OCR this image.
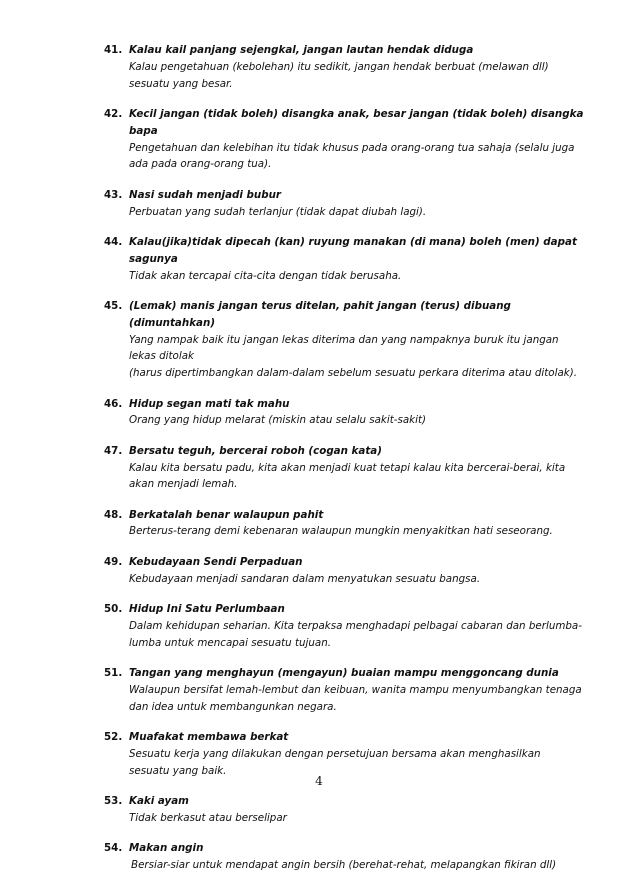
41. Kalau kail panjang sejengkal, jangan lautan hendak diduga
Kalau pengetahuan (kebolehan) itu sedikit, jangan hendak berbuat (melawan dll) sesuatu yang besar.
42. Kecil jangan (tidak boleh) disangka anak, besar jangan (tidak boleh) disangka bapa
Pengetahuan dan kelebihan itu tidak khusus pada orang-orang tua sahaja (selalu juga ada pada orang-orang tua).
43. Nasi sudah menjadi bubur
Perbuatan yang sudah terlanjur (tidak dapat diubah lagi).
44. Kalau(jika)tidak dipecah (kan) ruyung manakan (di mana) boleh (men) dapat sagunya
Tidak akan tercapai cita-cita dengan tidak berusaha.
45. (Lemak) manis jangan terus ditelan, pahit jangan (terus) dibuang (dimuntahkan)
Yang nampak baik itu jangan lekas diterima dan yang nampaknya buruk itu jangan lekas ditolak
(harus dipertimbangkan dalam-dalam sebelum sesuatu perkara diterima atau ditolak).
46. Hidup segan mati tak mahu
Orang yang hidup melarat (miskin atau selalu sakit-sakit)
47. Bersatu teguh, bercerai roboh (cogan kata)
Kalau kita bersatu padu, kita akan menjadi kuat tetapi kalau kita bercerai-berai, kita akan menjadi lemah.
48. Berkatalah benar walaupun pahit
Berterus-terang demi kebenaran walaupun mungkin menyakitkan hati seseorang.
49. Kebudayaan Sendi Perpaduan
Kebudayaan menjadi sandaran dalam menyatukan sesuatu bangsa.
50. Hidup Ini Satu Perlumbaan
Dalam kehidupan seharian. Kita terpaksa menghadapi pelbagai cabaran dan berlumba-lumba untuk mencapai sesuatu tujuan.
51. Tangan yang menghayun (mengayun) buaian mampu menggoncang dunia
Walaupun bersifat lemah-lembut dan keibuan, wanita mampu menyumbangkan tenaga dan idea untuk membangunkan negara.
52. Muafakat membawa berkat
Sesuatu kerja yang dilakukan dengan persetujuan bersama akan menghasilkan sesuatu yang baik.
53. Kaki ayam
Tidak berkasut atau berselipar
54. Makan angin
Bersiar-siar untuk mendapat angin bersih (berehat-rehat, melapangkan fikiran dll)
4
